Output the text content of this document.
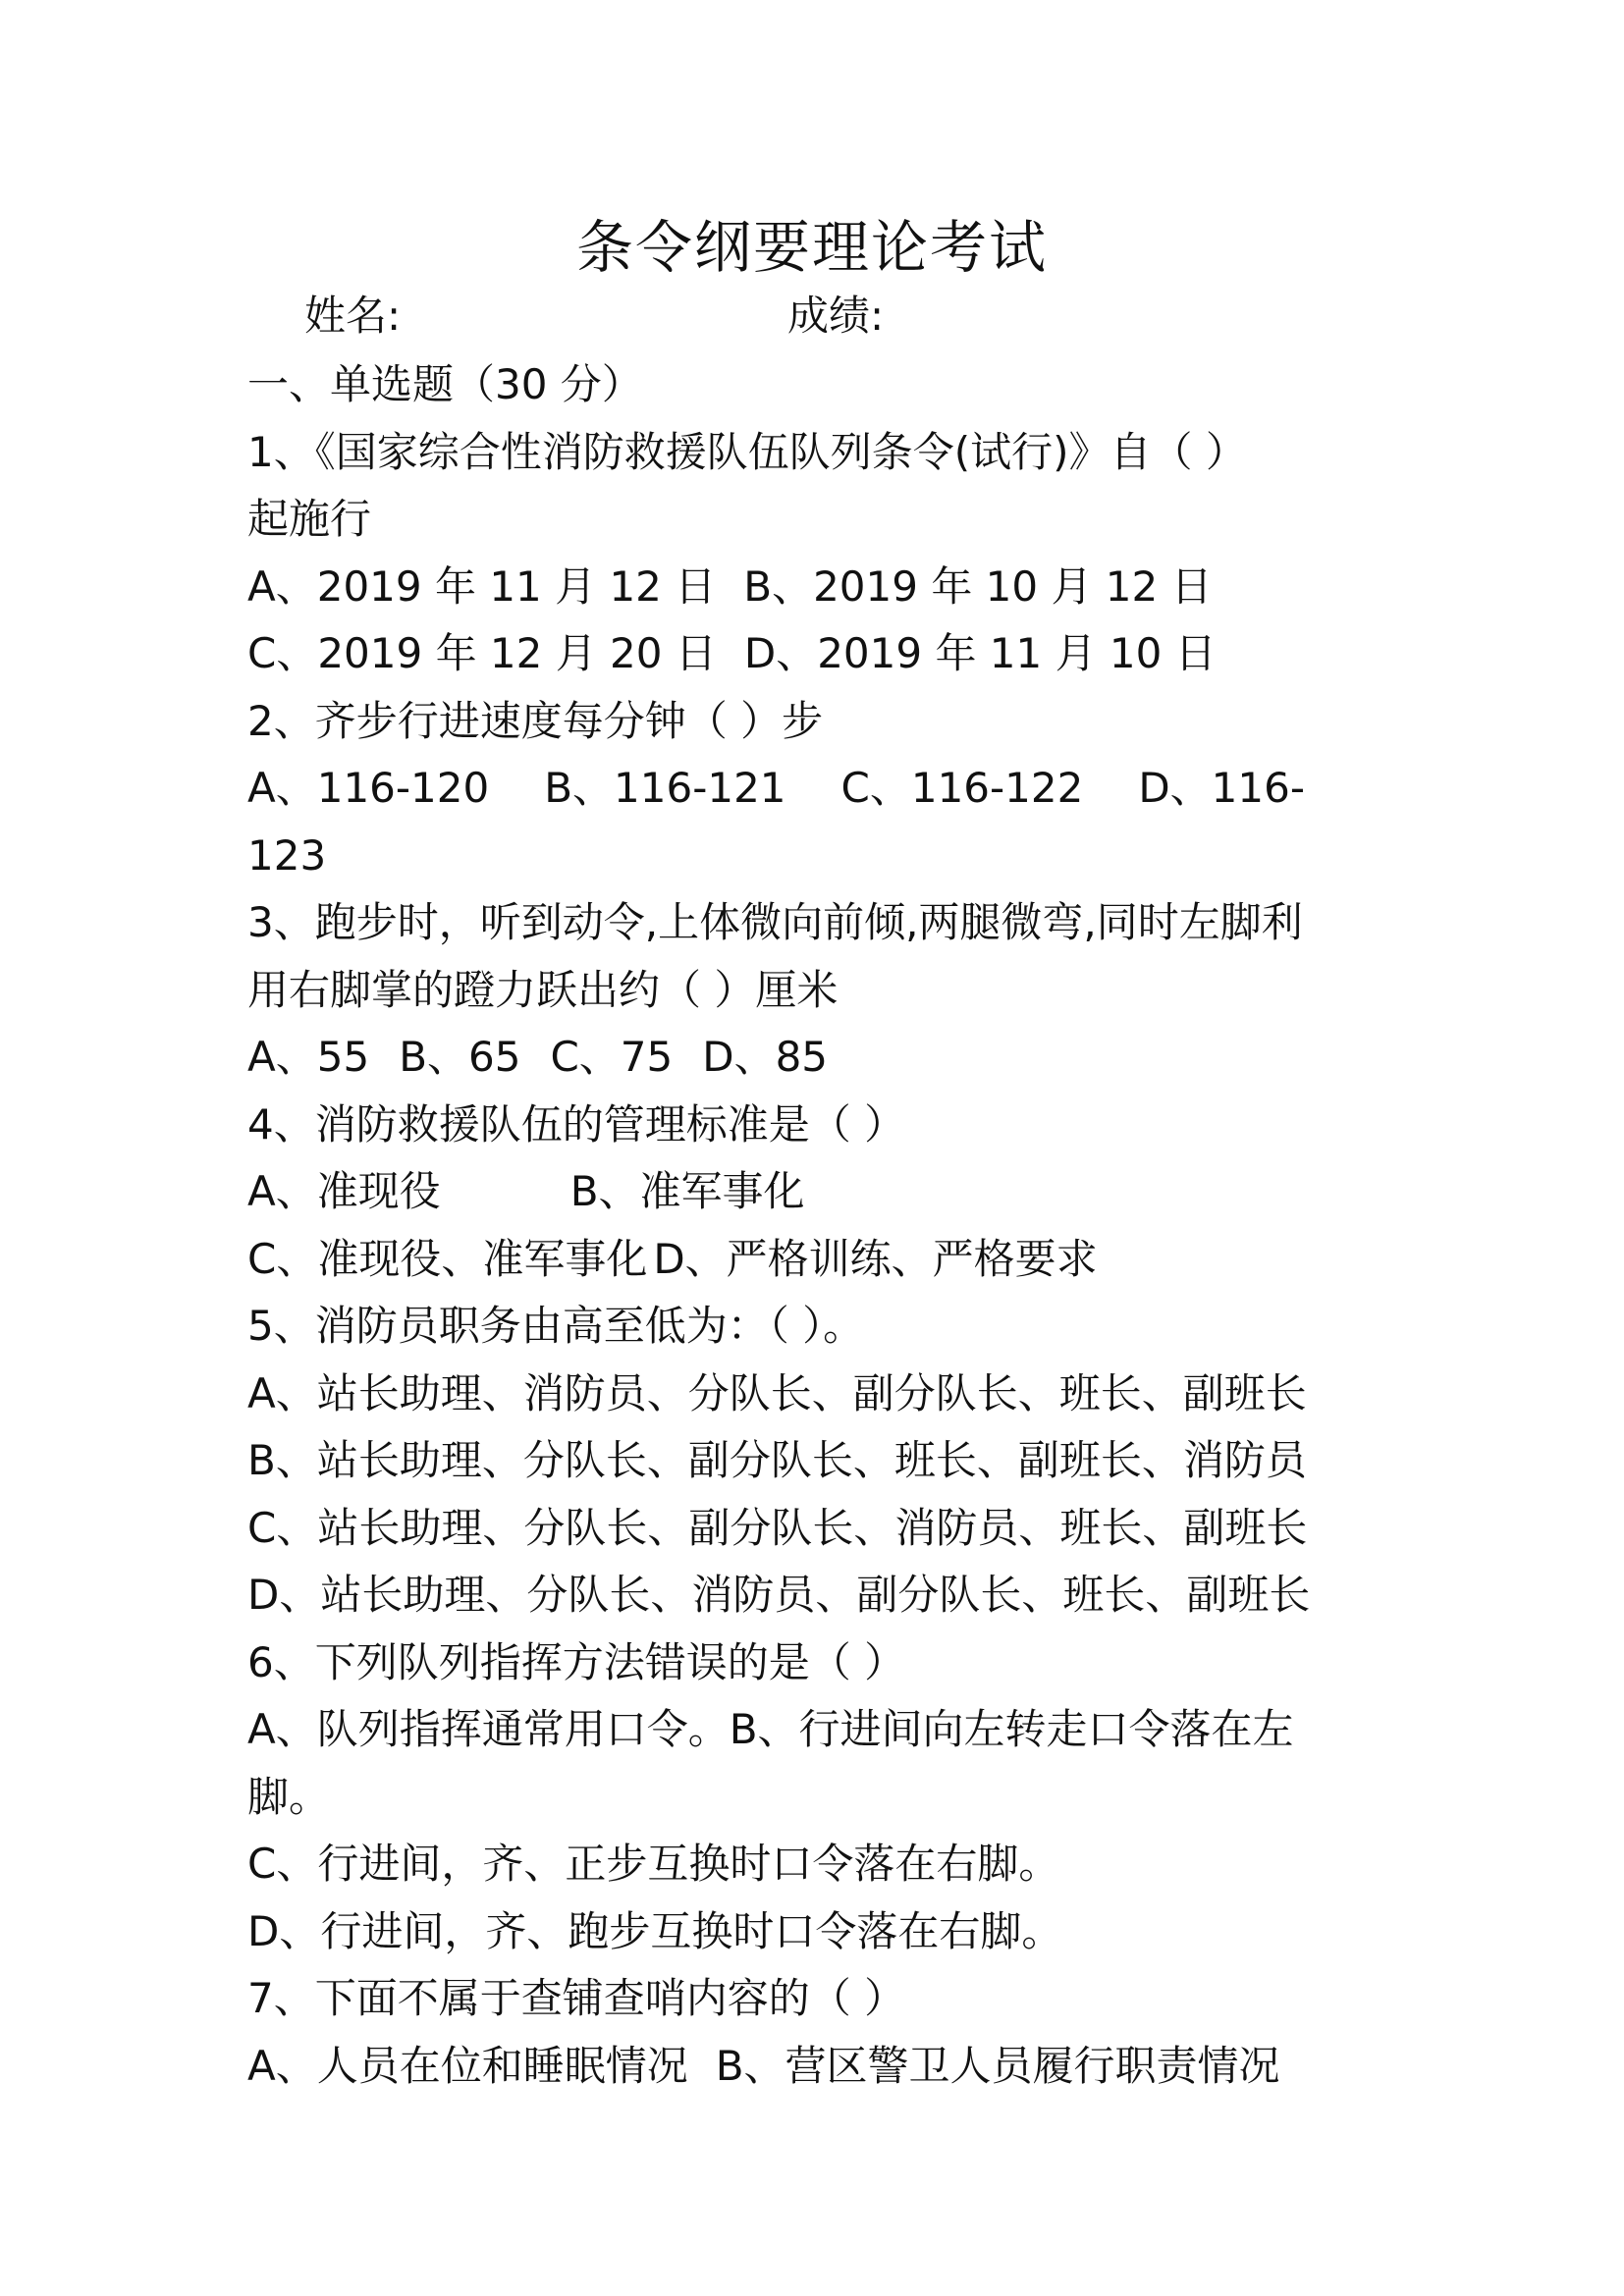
条令纲要理论考试
姓名:	成绩:
一、单选题（30 分）
1、《国家综合性消防救援队伍队列条令(试行)》自（ ）
起施行
A、2019 年 11 月 12 日 B、2019 年 10 月 12 日
C、2019 年 12 月 20 日 D、2019 年 11 月 10 日
2、齐步行进速度每分钟（ ）步
A、116-120 B、116-121 C、116-122 D、116-
123
3、跑步时，听到动令,上体微向前倾,两腿微弯,同时左脚利
用右脚掌的蹬力跃出约（ ）厘米
A、55 B、65 C、75 D、85
4、消防救援队伍的管理标准是（ ）
A、准现役	B、准军事化
C、准现役、准军事化 D、严格训练、严格要求
5、消防员职务由高至低为：（ ）。
A、站长助理、消防员、分队长、副分队长、班长、副班长
B、站长助理、分队长、副分队长、班长、副班长、消防员
C、站长助理、分队长、副分队长、消防员、班长、副班长
D、站长助理、分队长、消防员、副分队长、班长、副班长
6、下列队列指挥方法错误的是（ ）
A、队列指挥通常用口令。B、行进间向左转走口令落在左
脚。
C、行进间，齐、正步互换时口令落在右脚。
D、行进间，齐、跑步互换时口令落在右脚。
7、下面不属于查铺查哨内容的（ ）
A、人员在位和睡眠情况 B、营区警卫人员履行职责情况
